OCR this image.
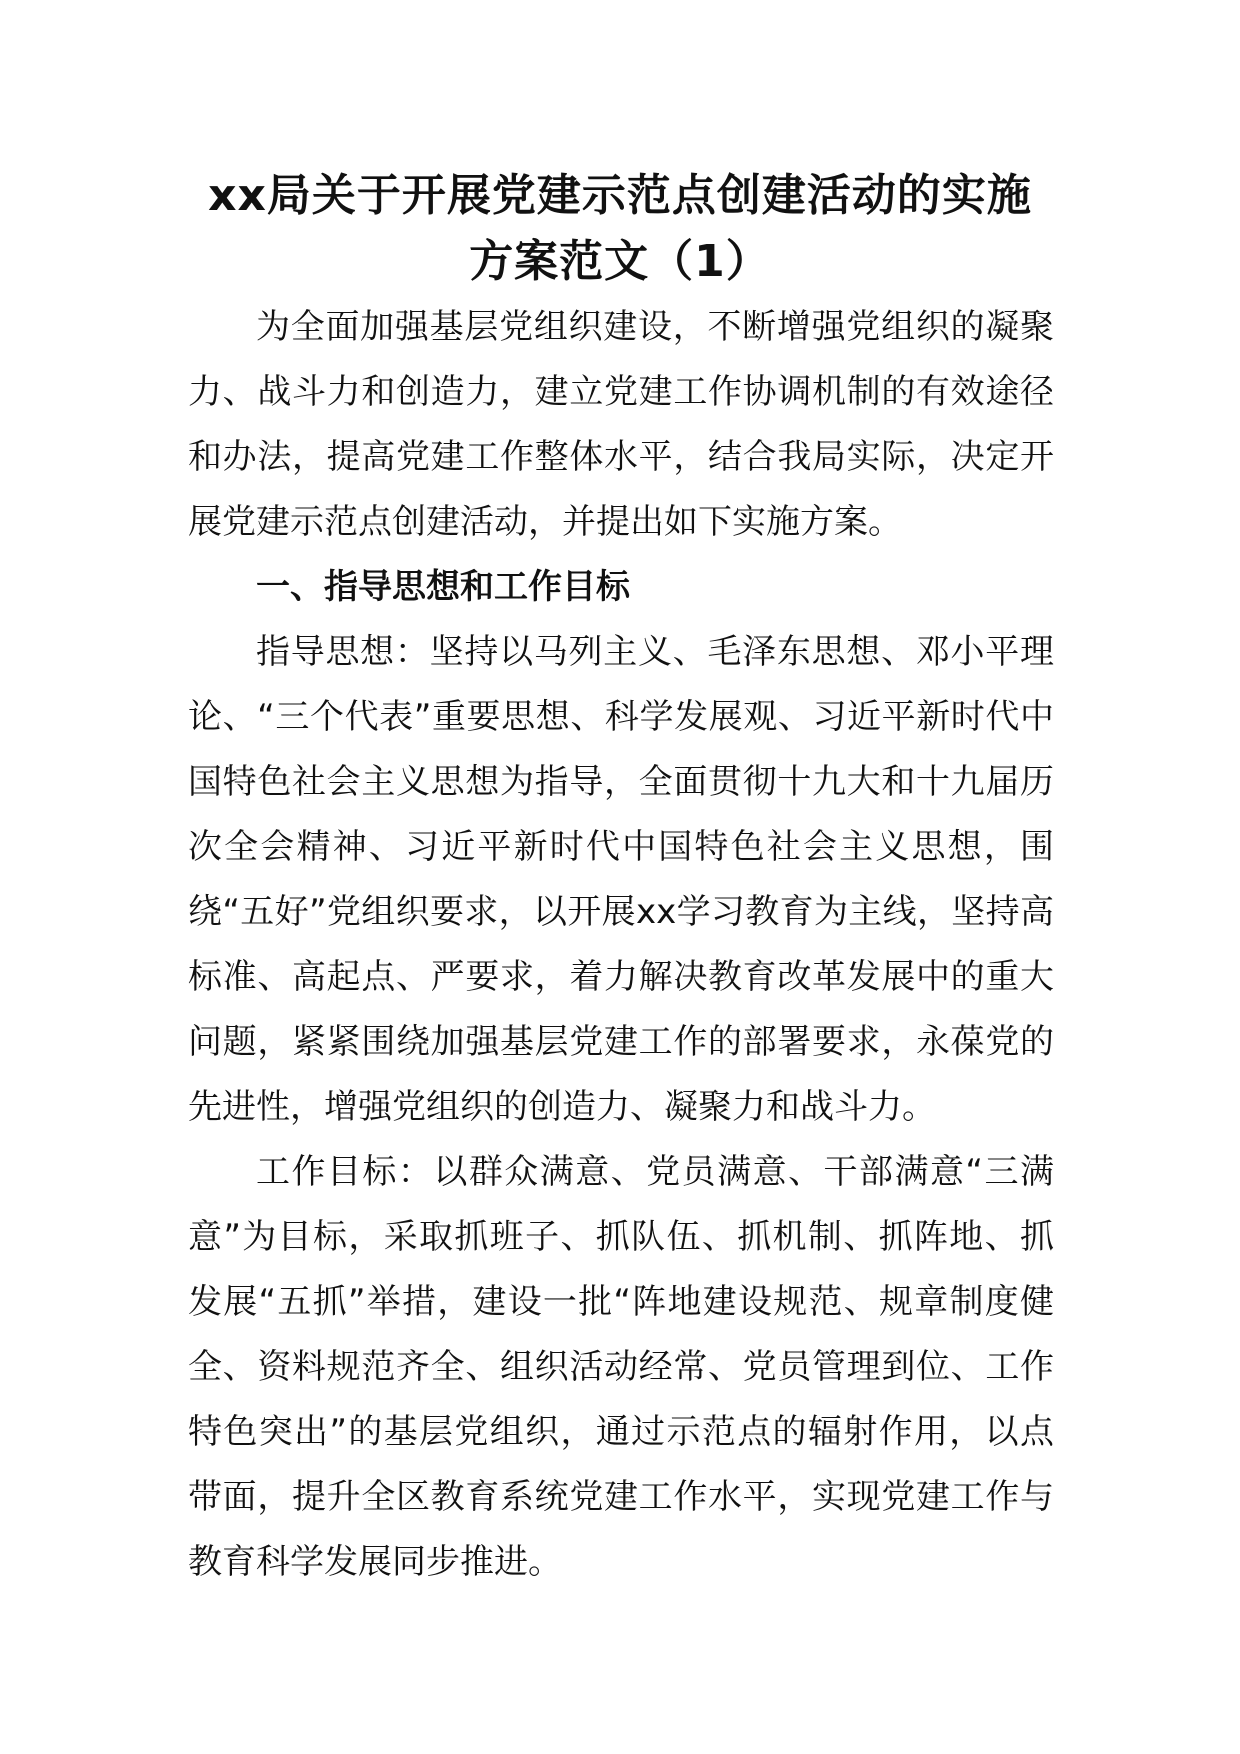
xx局关于开展党建示范点创建活动的实施方案范文（1）

为全面加强基层党组织建设，不断增强党组织的凝聚力、战斗力和创造力，建立党建工作协调机制的有效途径和办法，提高党建工作整体水平，结合我局实际，决定开展党建示范点创建活动，并提出如下实施方案。

一、指导思想和工作目标

指导思想：坚持以马列主义、毛泽东思想、邓小平理论、“三个代表”重要思想、科学发展观、习近平新时代中国特色社会主义思想为指导，全面贯彻十九大和十九届历次全会精神、习近平新时代中国特色社会主义思想，围绕“五好”党组织要求，以开展xx学习教育为主线，坚持高标准、高起点、严要求，着力解决教育改革发展中的重大问题，紧紧围绕加强基层党建工作的部署要求，永葆党的先进性，增强党组织的创造力、凝聚力和战斗力。

工作目标：以群众满意、党员满意、干部满意“三满意”为目标，采取抓班子、抓队伍、抓机制、抓阵地、抓发展“五抓”举措，建设一批“阵地建设规范、规章制度健全、资料规范齐全、组织活动经常、党员管理到位、工作特色突出”的基层党组织，通过示范点的辐射作用，以点带面，提升全区教育系统党建工作水平，实现党建工作与教育科学发展同步推进。
